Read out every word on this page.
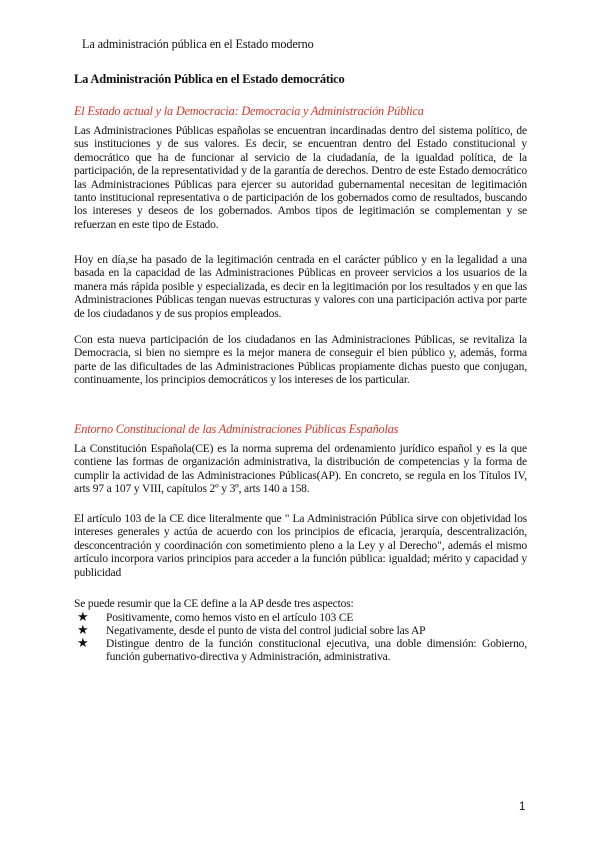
La administración pública en el Estado moderno
La Administración Pública en el Estado democrático
El Estado actual y la Democracia: Democracia y Administración Pública

Las Administraciones Públicas españolas se encuentran incardinadas dentro del sistema político, de sus instituciones y de sus valores. Es decir, se encuentran dentro del Estado constitucional y democrático que ha de funcionar al servicio de la ciudadanía, de la igualdad política, de la participación, de la representatividad y de la garantía de derechos. Dentro de este Estado democrático las Administraciones Públicas para ejercer su autoridad gubernamental necesitan de legitimación tanto institucional representativa o de participación de los gobernados como de resultados, buscando los intereses y deseos de los gobernados. Ambos tipos de legitimación se complementan y se refuerzan en este tipo de Estado.

Hoy en día,se ha pasado de la legitimación centrada en el carácter público y en la legalidad a una basada en la capacidad de las Administraciones Públicas en proveer servicios a los usuarios de la manera más rápida posible y especializada, es decir en la legitimación por los resultados y en que las Administraciones Públicas tengan nuevas estructuras y valores con una participación activa por parte de los ciudadanos y de sus propios empleados.

Con esta nueva participación de los ciudadanos en las Administraciones Públicas, se revitaliza la Democracia, si bien no siempre es la mejor manera de conseguir el bien público y, además, forma parte de las dificultades de las Administraciones Públicas propiamente dichas puesto que conjugan, continuamente, los principios democráticos y los intereses de los particular.

Entorno Constitucional de las Administraciones Públicas Españolas

La Constitución Española(CE) es la norma suprema del ordenamiento jurídico español y es la que contiene las formas de organización administrativa, la distribución de competencias y la forma de cumplir la actividad de las Administraciones Públicas(AP). En concreto, se regula en los Títulos IV, arts 97 a 107 y VIII, capítulos 2º y 3º, arts 140 a 158.

El artículo 103 de la CE dice literalmente que " La Administración Pública sirve con objetividad los intereses generales y actúa de acuerdo con los principios de eficacia, jerarquía, descentralización, desconcentración y coordinación con sometimiento pleno a la Ley y al Derecho", además el mismo artículo incorpora varios principios para acceder a la función pública: igualdad; mérito y capacidad y publicidad

Se puede resumir que la CE define a la AP desde tres aspectos:
★ Positivamente, como hemos visto en el artículo 103 CE
★ Negativamente, desde el punto de vista del control judicial sobre las AP
★ Distingue dentro de la función constitucional ejecutiva, una doble dimensión: Gobierno, función gubernativo-directiva y Administración, administrativa.
1
